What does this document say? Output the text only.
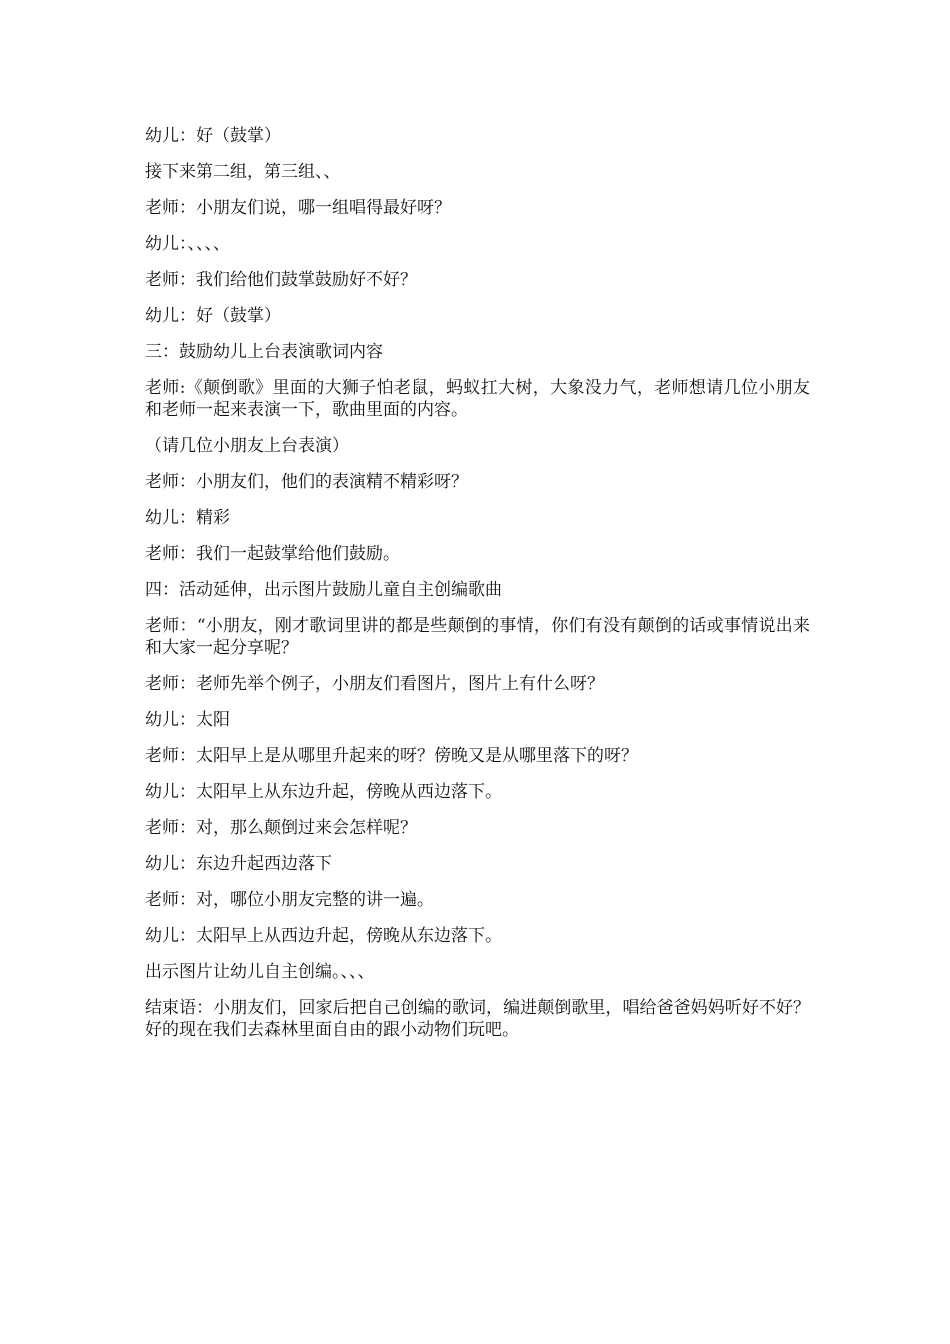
幼儿：好（鼓掌）

接下来第二组，第三组、、

老师：小朋友们说，哪一组唱得最好呀？

幼儿：、、、、

老师：我们给他们鼓掌鼓励好不好？

幼儿：好（鼓掌）

三：鼓励幼儿上台表演歌词内容

老师:《颠倒歌》里面的大狮子怕老鼠，蚂蚁扛大树，大象没力气，老师想请几位小朋友和老师一起来表演一下，歌曲里面的内容。

（请几位小朋友上台表演）

老师：小朋友们，他们的表演精不精彩呀？

幼儿：精彩

老师：我们一起鼓掌给他们鼓励。

四：活动延伸，出示图片鼓励儿童自主创编歌曲

老师：“小朋友，刚才歌词里讲的都是些颠倒的事情，你们有没有颠倒的话或事情说出来和大家一起分享呢？

老师：老师先举个例子，小朋友们看图片，图片上有什么呀？

幼儿：太阳

老师：太阳早上是从哪里升起来的呀？傍晚又是从哪里落下的呀？

幼儿：太阳早上从东边升起，傍晚从西边落下。

老师：对，那么颠倒过来会怎样呢？

幼儿：东边升起西边落下

老师：对，哪位小朋友完整的讲一遍。

幼儿：太阳早上从西边升起，傍晚从东边落下。

出示图片让幼儿自主创编。、、、

结束语：小朋友们，回家后把自己创编的歌词，编进颠倒歌里，唱给爸爸妈妈听好不好？好的现在我们去森林里面自由的跟小动物们玩吧。
